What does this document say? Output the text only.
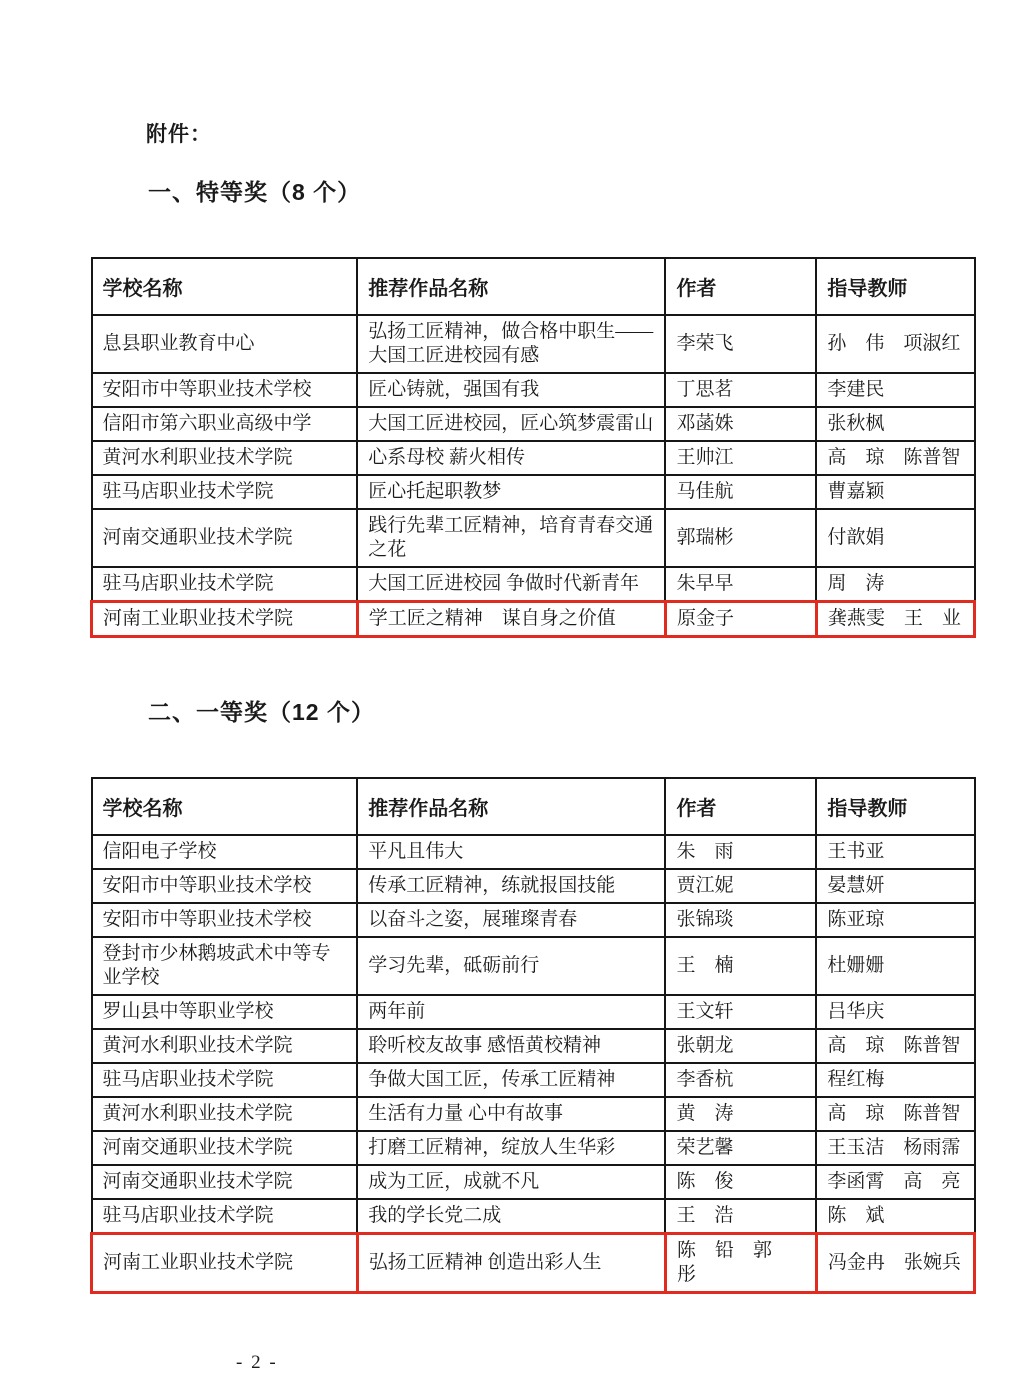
附件：
一、特等奖（8 个）
学校名称	推荐作品名称	作者	指导教师
息县职业教育中心	弘扬工匠精神，做合格中职生——大国工匠进校园有感	李荣飞	孙　伟　项淑红
安阳市中等职业技术学校	匠心铸就，强国有我	丁思茗	李建民
信阳市第六职业高级中学	大国工匠进校园，匠心筑梦震雷山	邓菡姝	张秋枫
黄河水利职业技术学院	心系母校 薪火相传	王帅江	高　琼　陈普智
驻马店职业技术学院	匠心托起职教梦	马佳航	曹嘉颖
河南交通职业技术学院	践行先辈工匠精神，培育青春交通之花	郭瑞彬	付歆娟
驻马店职业技术学院	大国工匠进校园 争做时代新青年	朱早早	周　涛
河南工业职业技术学院	学工匠之精神　谋自身之价值	原金子	龚燕雯　王　业
二、一等奖（12 个）
学校名称	推荐作品名称	作者	指导教师
信阳电子学校	平凡且伟大	朱　雨	王书亚
安阳市中等职业技术学校	传承工匠精神，练就报国技能	贾江妮	晏慧妍
安阳市中等职业技术学校	以奋斗之姿，展璀璨青春	张锦琰	陈亚琼
登封市少林鹅坡武术中等专业学校	学习先辈，砥砺前行	王　楠	杜姗姗
罗山县中等职业学校	两年前	王文轩	吕华庆
黄河水利职业技术学院	聆听校友故事 感悟黄校精神	张朝龙	高　琼　陈普智
驻马店职业技术学院	争做大国工匠，传承工匠精神	李香杭	程红梅
黄河水利职业技术学院	生活有力量 心中有故事	黄　涛	高　琼　陈普智
河南交通职业技术学院	打磨工匠精神，绽放人生华彩	荣艺馨	王玉洁　杨雨霈
河南交通职业技术学院	成为工匠，成就不凡	陈　俊	李函霄　高　亮
驻马店职业技术学院	我的学长党二成	王　浩	陈　斌
河南工业职业技术学院	弘扬工匠精神 创造出彩人生	陈　铅　郭　彤	冯金冉　张婉兵
- 2 -
